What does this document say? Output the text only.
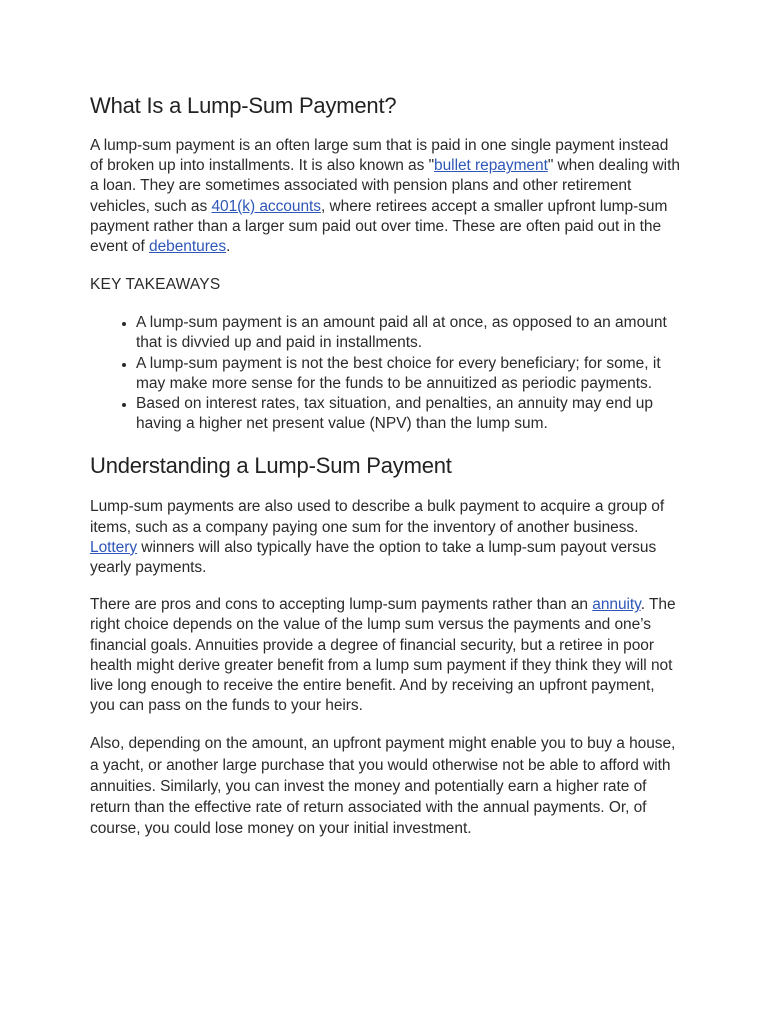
What Is a Lump-Sum Payment?

A lump-sum payment is an often large sum that is paid in one single payment instead of broken up into installments. It is also known as "bullet repayment" when dealing with a loan. They are sometimes associated with pension plans and other retirement vehicles, such as 401(k) accounts, where retirees accept a smaller upfront lump-sum payment rather than a larger sum paid out over time. These are often paid out in the event of debentures.

KEY TAKEAWAYS
• A lump-sum payment is an amount paid all at once, as opposed to an amount that is divvied up and paid in installments.
• A lump-sum payment is not the best choice for every beneficiary; for some, it may make more sense for the funds to be annuitized as periodic payments.
• Based on interest rates, tax situation, and penalties, an annuity may end up having a higher net present value (NPV) than the lump sum.
Understanding a Lump-Sum Payment

Lump-sum payments are also used to describe a bulk payment to acquire a group of items, such as a company paying one sum for the inventory of another business. Lottery winners will also typically have the option to take a lump-sum payout versus yearly payments.

There are pros and cons to accepting lump-sum payments rather than an annuity. The right choice depends on the value of the lump sum versus the payments and one’s financial goals. Annuities provide a degree of financial security, but a retiree in poor health might derive greater benefit from a lump sum payment if they think they will not live long enough to receive the entire benefit. And by receiving an upfront payment, you can pass on the funds to your heirs.

Also, depending on the amount, an upfront payment might enable you to buy a house, a yacht, or another large purchase that you would otherwise not be able to afford with annuities. Similarly, you can invest the money and potentially earn a higher rate of return than the effective rate of return associated with the annual payments. Or, of course, you could lose money on your initial investment.
